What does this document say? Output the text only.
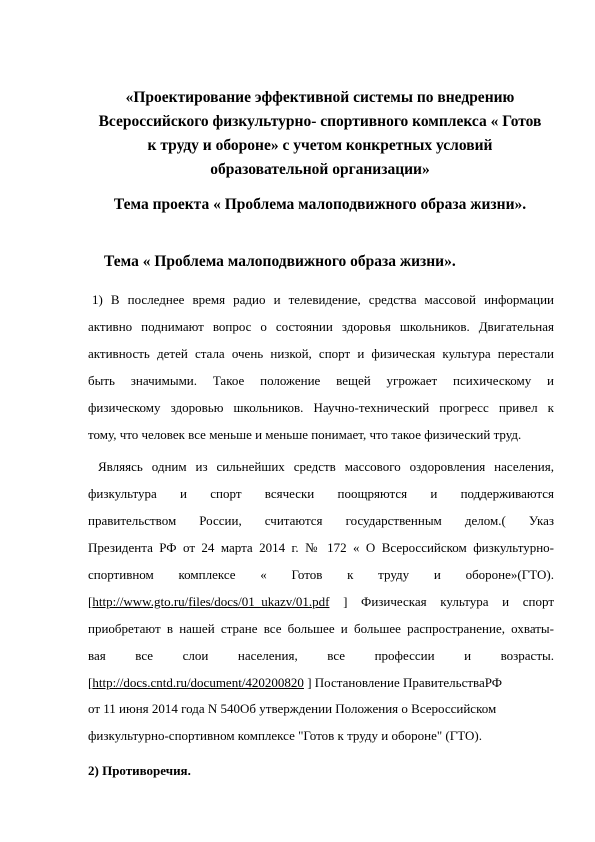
«Проектирование эффективной системы по внедрению
Всероссийского физкультурно- спортивного комплекса « Готов
к труду и обороне» с учетом конкретных условий
образовательной организации»
Тема проекта « Проблема малоподвижного образа жизни».
Тема « Проблема малоподвижного образа жизни».
1) В последнее время радио и телевидение, средства массовой информации
активно поднимают вопрос о состоянии здоровья школьников. Двигательная
активность детей стала очень низкой, спорт и физическая культура перестали
быть значимыми. Такое положение вещей угрожает психическому и
физическому здоровью школьников. Научно-технический прогресс привел к
тому, что человек все меньше и меньше понимает, что такое физический труд.
Являясь одним из сильнейших средств массового оздоровления населения,
физкультура и спорт всячески поощряются и поддерживаются
правительством России, считаются государственным делом.( Указ
Президента РФ от 24 марта 2014 г. № 172 « О Всероссийском физкультурно-
спортивном комплексе « Готов к труду и обороне»(ГТО).
[http://www.gto.ru/files/docs/01_ukazv/01.pdf ] Физическая культура и спорт
приобретают в нашей стране все большее и большее распространение, охваты-
вая все слои населения, все профессии и возрасты.
[http://docs.cntd.ru/document/420200820 ] Постановление ПравительстваРФ
от 11 июня 2014 года N 540Об утверждении Положения о Всероссийском
физкультурно-спортивном комплексе "Готов к труду и обороне" (ГТО).
2) Противоречия.
